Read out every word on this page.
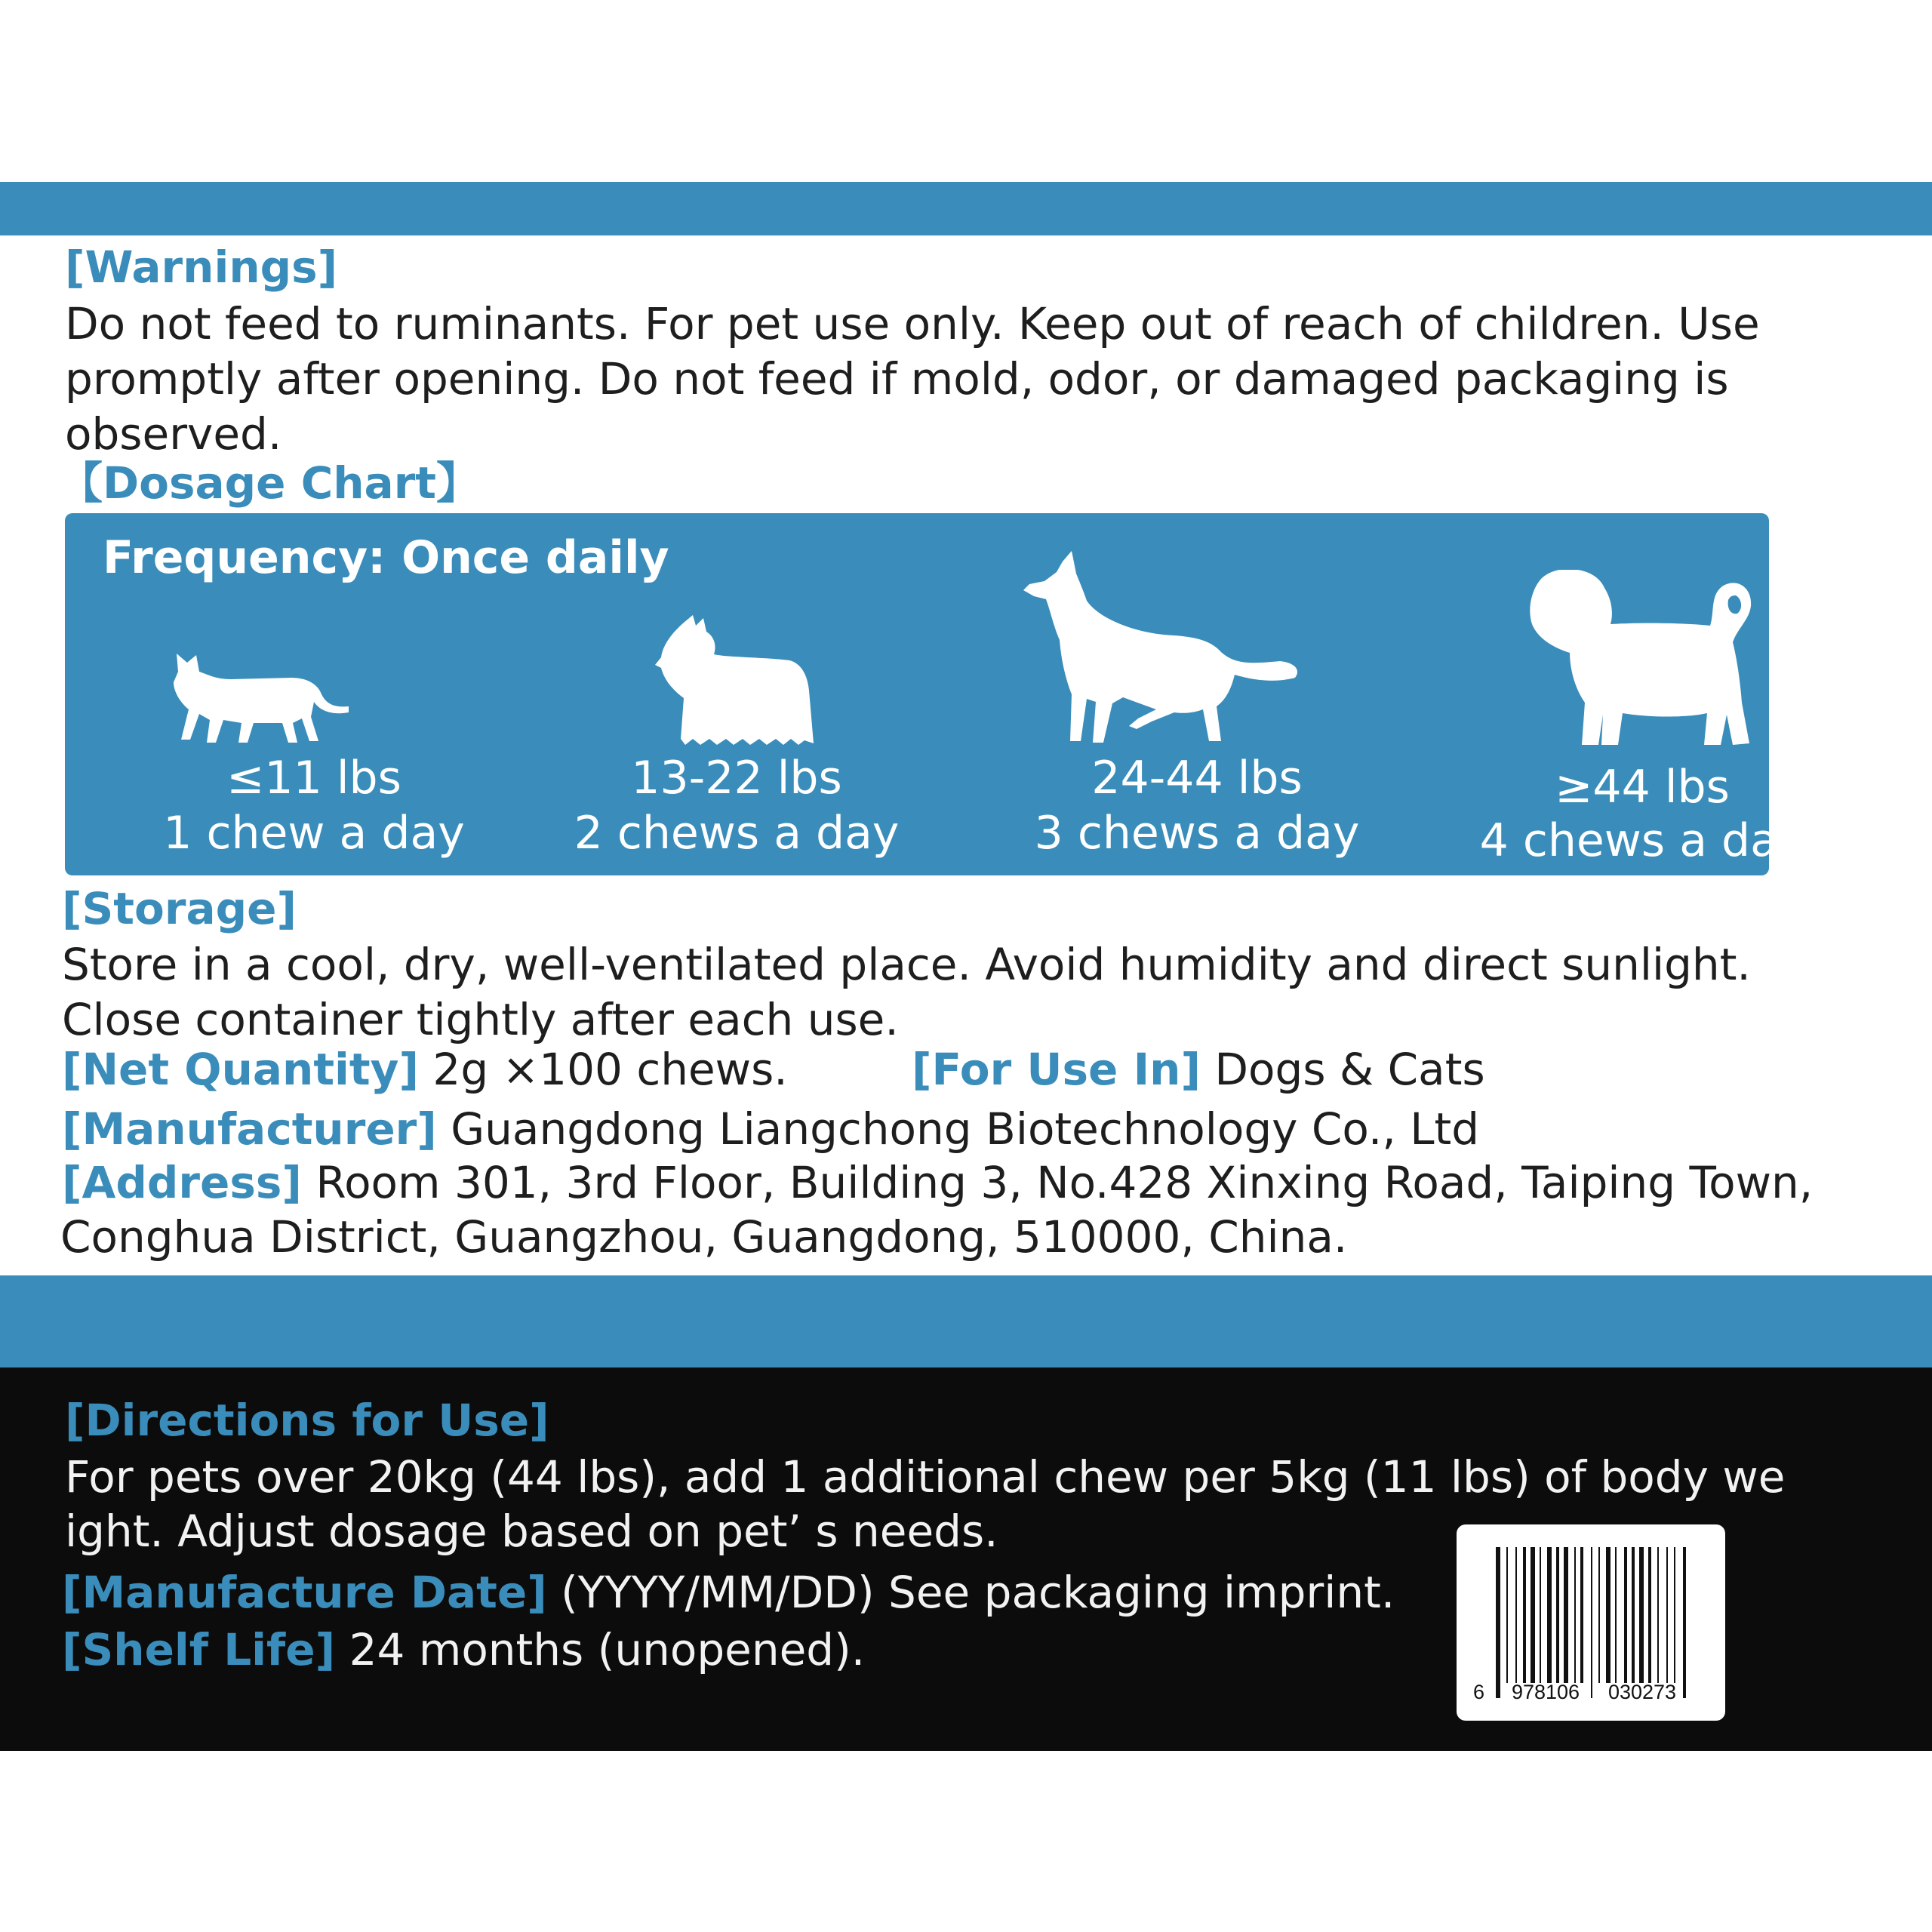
[Warnings]
Do not feed to ruminants. For pet use only. Keep out of reach of children. Use
promptly after opening. Do not feed if mold, odor, or damaged packaging is
observed.
【Dosage Chart】
Frequency: Once daily
≤11 lbs
1 chew a day
13-22 lbs
2 chews a day
24-44 lbs
3 chews a day
≥44 lbs
4 chews a day
[Storage]
Store in a cool, dry, well-ventilated place. Avoid humidity and direct sunlight.
Close container tightly after each use.
[Net Quantity] 2g ×100 chews.	[For Use In] Dogs & Cats
[Manufacturer] Guangdong Liangchong Biotechnology Co., Ltd
[Address] Room 301, 3rd Floor, Building 3, No.428 Xinxing Road, Taiping Town,
Conghua District, Guangzhou, Guangdong, 510000, China.
[Directions for Use]
For pets over 20kg (44 lbs), add 1 additional chew per 5kg (11 lbs) of body we
ight. Adjust dosage based on pet’ s needs.
[Manufacture Date] (YYYY/MM/DD) See packaging imprint.
[Shelf Life] 24 months (unopened).
6 978106 030273
